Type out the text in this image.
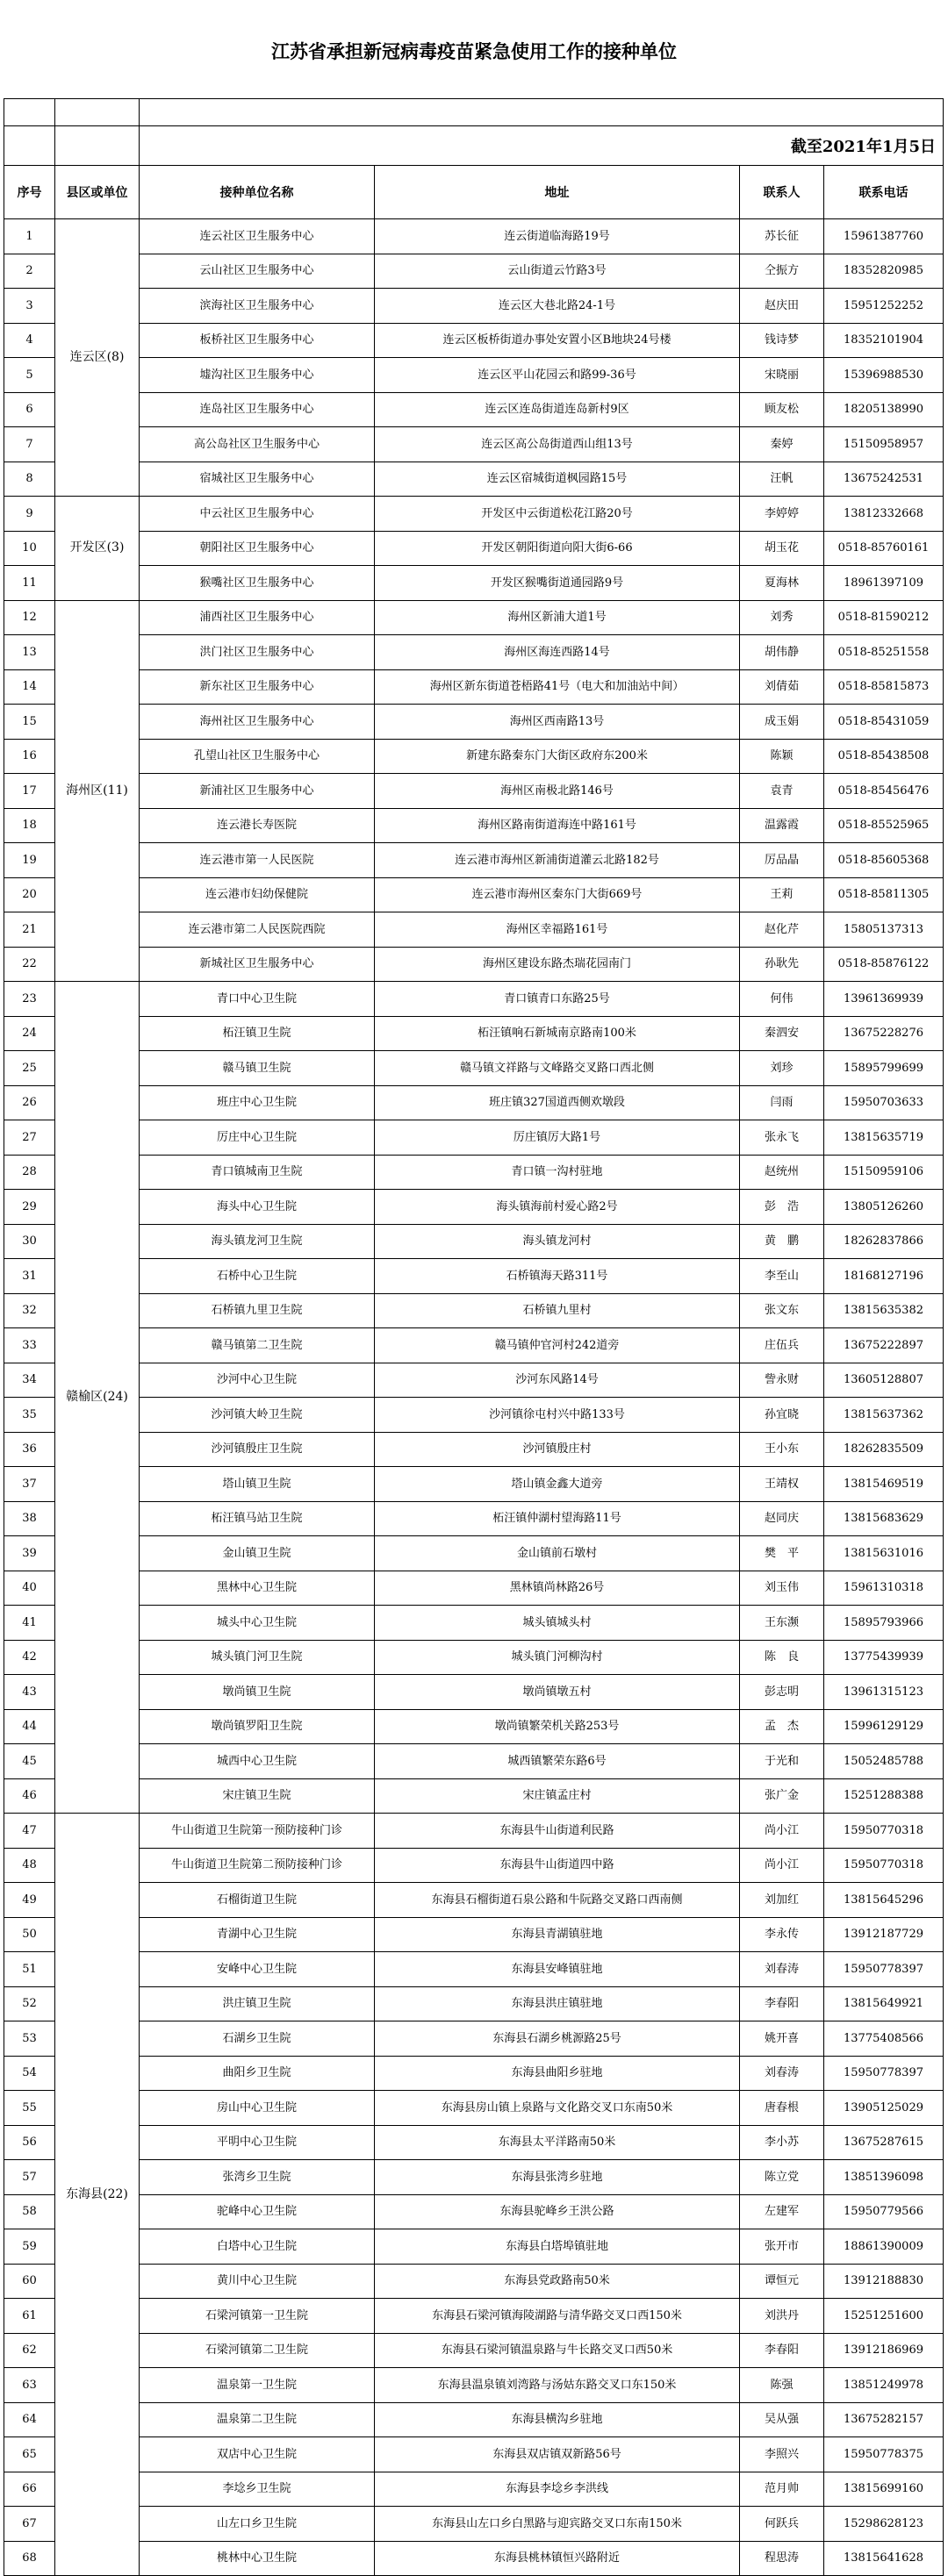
江苏省承担新冠病毒疫苗紧急使用工作的接种单位

		截至2021年1月5日			
序号	县区或单位	接种单位名称	地址	联系人	联系电话
1	连云区(8)	连云社区卫生服务中心	连云街道临海路19号	苏长征	15961387760
2		云山社区卫生服务中心	云山街道云竹路3号	仝振方	18352820985
3		滨海社区卫生服务中心	连云区大巷北路24-1号	赵庆田	15951252252
4		板桥社区卫生服务中心	连云区板桥街道办事处安置小区B地块24号楼	钱诗梦	18352101904
5		墟沟社区卫生服务中心	连云区平山花园云和路99-36号	宋晓丽	15396988530
6		连岛社区卫生服务中心	连云区连岛街道连岛新村9区	顾友松	18205138990
7		高公岛社区卫生服务中心	连云区高公岛街道西山组13号	秦婷	15150958957
8		宿城社区卫生服务中心	连云区宿城街道枫园路15号	汪帆	13675242531
9	开发区(3)	中云社区卫生服务中心	开发区中云街道松花江路20号	李婷婷	13812332668
10		朝阳社区卫生服务中心	开发区朝阳街道向阳大街6-66	胡玉花	0518-85760161
11		猴嘴社区卫生服务中心	开发区猴嘴街道通园路9号	夏海林	18961397109
12	海州区(11)	浦西社区卫生服务中心	海州区新浦大道1号	刘秀	0518-81590212
13		洪门社区卫生服务中心	海州区海连西路14号	胡伟静	0518-85251558
14		新东社区卫生服务中心	海州区新东街道苍梧路41号（电大和加油站中间）	刘倩茹	0518-85815873
15		海州社区卫生服务中心	海州区西南路13号	成玉娟	0518-85431059
16		孔望山社区卫生服务中心	新建东路秦东门大街区政府东200米	陈颖	0518-85438508
17		新浦社区卫生服务中心	海州区南极北路146号	袁青	0518-85456476
18		连云港长寿医院	海州区路南街道海连中路161号	温露霞	0518-85525965
19		连云港市第一人民医院	连云港市海州区新浦街道灌云北路182号	厉品晶	0518-85605368
20		连云港市妇幼保健院	连云港市海州区秦东门大街669号	王莉	0518-85811305
21		连云港市第二人民医院西院	海州区幸福路161号	赵化芹	15805137313
22		新城社区卫生服务中心	海州区建设东路杰瑞花园南门	孙耿先	0518-85876122
23	赣榆区(24)	青口中心卫生院	青口镇青口东路25号	何伟	13961369939
24		柘汪镇卫生院	柘汪镇响石新城南京路南100米	秦泗安	13675228276
25		赣马镇卫生院	赣马镇文祥路与文峰路交叉路口西北侧	刘珍	15895799699
26		班庄中心卫生院	班庄镇327国道西侧欢墩段	闫雨	15950703633
27		厉庄中心卫生院	厉庄镇厉大路1号	张永飞	13815635719
28		青口镇城南卫生院	青口镇一沟村驻地	赵统州	15150959106
29		海头中心卫生院	海头镇海前村爱心路2号	彭　浩	13805126260
30		海头镇龙河卫生院	海头镇龙河村	黄　鹏	18262837866
31		石桥中心卫生院	石桥镇海天路311号	李至山	18168127196
32		石桥镇九里卫生院	石桥镇九里村	张文东	13815635382
33		赣马镇第二卫生院	赣马镇仲官河村242道旁	庄伍兵	13675222897
34		沙河中心卫生院	沙河东风路14号	訾永财	13605128807
35		沙河镇大岭卫生院	沙河镇徐屯村兴中路133号	孙宜晓	13815637362
36		沙河镇殷庄卫生院	沙河镇殷庄村	王小东	18262835509
37		塔山镇卫生院	塔山镇金鑫大道旁	王靖权	13815469519
38		柘汪镇马站卫生院	柘汪镇仲湖村望海路11号	赵同庆	13815683629
39		金山镇卫生院	金山镇前石墩村	樊　平	13815631016
40		黑林中心卫生院	黑林镇尚林路26号	刘玉伟	15961310318
41		城头中心卫生院	城头镇城头村	王东濒	15895793966
42		城头镇门河卫生院	城头镇门河柳沟村	陈　良	13775439939
43		墩尚镇卫生院	墩尚镇墩五村	彭志明	13961315123
44		墩尚镇罗阳卫生院	墩尚镇繁荣机关路253号	孟　杰	15996129129
45		城西中心卫生院	城西镇繁荣东路6号	于光和	15052485788
46		宋庄镇卫生院	宋庄镇孟庄村	张广金	15251288388
47	东海县(22)	牛山街道卫生院第一预防接种门诊	东海县牛山街道利民路	尚小江	15950770318
48		牛山街道卫生院第二预防接种门诊	东海县牛山街道四中路	尚小江	15950770318
49		石榴街道卫生院	东海县石榴街道石泉公路和牛阮路交叉路口西南侧	刘加红	13815645296
50		青湖中心卫生院	东海县青湖镇驻地	李永传	13912187729
51		安峰中心卫生院	东海县安峰镇驻地	刘春涛	15950778397
52		洪庄镇卫生院	东海县洪庄镇驻地	李春阳	13815649921
53		石湖乡卫生院	东海县石湖乡桃源路25号	姚开喜	13775408566
54		曲阳乡卫生院	东海县曲阳乡驻地	刘春涛	15950778397
55		房山中心卫生院	东海县房山镇上泉路与文化路交叉口东南50米	唐春根	13905125029
56		平明中心卫生院	东海县太平洋路南50米	李小苏	13675287615
57		张湾乡卫生院	东海县张湾乡驻地	陈立党	13851396098
58		驼峰中心卫生院	东海县驼峰乡王洪公路	左建军	15950779566
59		白塔中心卫生院	东海县白塔埠镇驻地	张开市	18861390009
60		黄川中心卫生院	东海县党政路南50米	谭恒元	13912188830
61		石梁河镇第一卫生院	东海县石梁河镇海陵湖路与清华路交叉口西150米	刘洪丹	15251251600
62		石梁河镇第二卫生院	东海县石梁河镇温泉路与牛长路交叉口西50米	李春阳	13912186969
63		温泉第一卫生院	东海县温泉镇刘湾路与汤姑东路交叉口东150米	陈强	13851249978
64		温泉第二卫生院	东海县横沟乡驻地	吴从强	13675282157
65		双店中心卫生院	东海县双店镇双新路56号	李照兴	15950778375
66		李埝乡卫生院	东海县李埝乡李洪线	范月帅	13815699160
67		山左口乡卫生院	东海县山左口乡白黑路与迎宾路交叉口东南150米	何跃兵	15298628123
68		桃林中心卫生院	东海县桃林镇恒兴路附近	程思涛	13815641628
